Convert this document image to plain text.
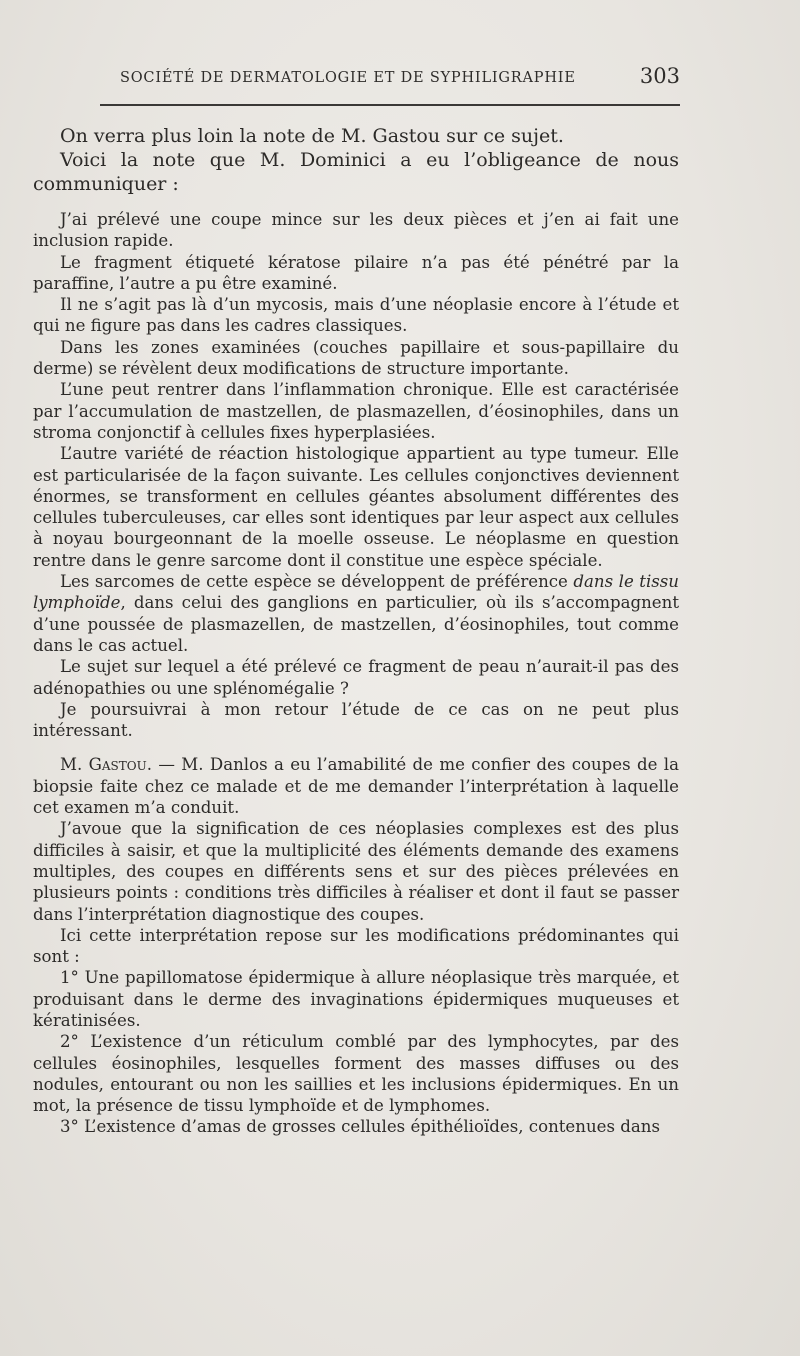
SOCIÉTÉ DE DERMATOLOGIE ET DE SYPHILIGRAPHIE	303

On verra plus loin la note de M. Gastou sur ce sujet.

Voici la note que M. Dominici a eu l’obligeance de nous communiquer :

J’ai prélevé une coupe mince sur les deux pièces et j’en ai fait une inclusion rapide.

Le fragment étiqueté kératose pilaire n’a pas été pénétré par la paraffine, l’autre a pu être examiné.

Il ne s’agit pas là d’un mycosis, mais d’une néoplasie encore à l’étude et qui ne figure pas dans les cadres classiques.

Dans les zones examinées (couches papillaire et sous-papillaire du derme) se révèlent deux modifications de structure importante.

L’une peut rentrer dans l’inflammation chronique. Elle est caractérisée par l’accumulation de mastzellen, de plasmazellen, d’éosinophiles, dans un stroma conjonctif à cellules fixes hyperplasiées.

L’autre variété de réaction histologique appartient au type tumeur. Elle est particularisée de la façon suivante. Les cellules conjonctives deviennent énormes, se transforment en cellules géantes absolument différentes des cellules tuberculeuses, car elles sont identiques par leur aspect aux cellules à noyau bourgeonnant de la moelle osseuse. Le néoplasme en question rentre dans le genre sarcome dont il constitue une espèce spéciale.

Les sarcomes de cette espèce se développent de préférence dans le tissu lymphoïde, dans celui des ganglions en particulier, où ils s’accompagnent d’une poussée de plasmazellen, de mastzellen, d’éosinophiles, tout comme dans le cas actuel.

Le sujet sur lequel a été prélevé ce fragment de peau n’aurait-il pas des adénopathies ou une splénomégalie ?

Je poursuivrai à mon retour l’étude de ce cas on ne peut plus intéressant.

M. Gastou. — M. Danlos a eu l’amabilité de me confier des coupes de la biopsie faite chez ce malade et de me demander l’interprétation à laquelle cet examen m’a conduit.

J’avoue que la signification de ces néoplasies complexes est des plus difficiles à saisir, et que la multiplicité des éléments demande des examens multiples, des coupes en différents sens et sur des pièces prélevées en plusieurs points : conditions très difficiles à réaliser et dont il faut se passer dans l’interprétation diagnostique des coupes.

Ici cette interprétation repose sur les modifications prédominantes qui sont :

1° Une papillomatose épidermique à allure néoplasique très marquée, et produisant dans le derme des invaginations épidermiques muqueuses et kératinisées.

2° L’existence d’un réticulum comblé par des lymphocytes, par des cellules éosinophiles, lesquelles forment des masses diffuses ou des nodules, entourant ou non les saillies et les inclusions épidermiques. En un mot, la présence de tissu lymphoïde et de lymphomes.

3° L’existence d’amas de grosses cellules épithélioïdes, contenues dans
